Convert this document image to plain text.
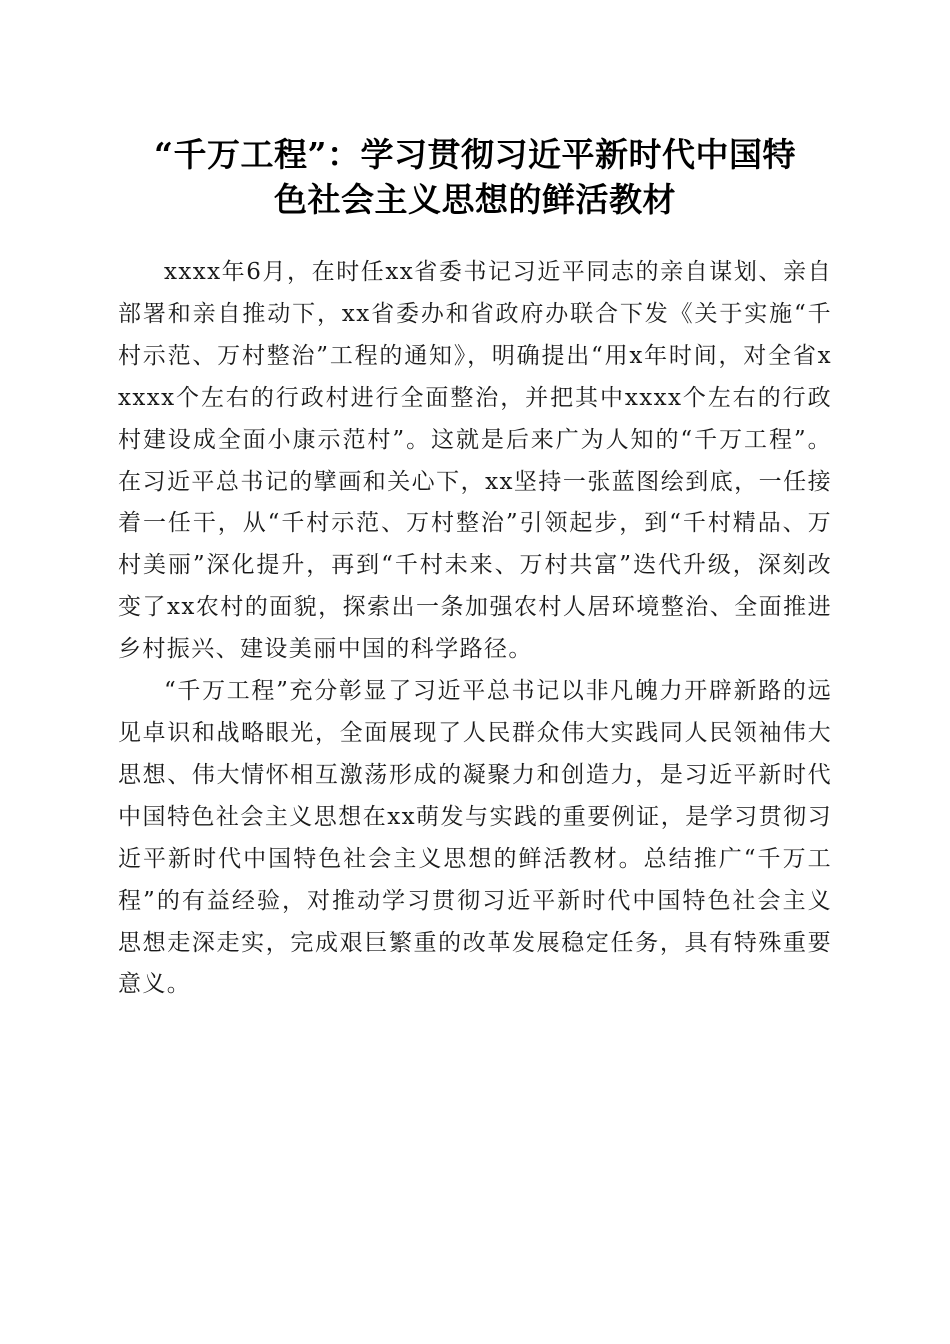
“千万工程”：学习贯彻习近平新时代中国特
色社会主义思想的鲜活教材

xxxx年6月，在时任xx省委书记习近平同志的亲自谋划、亲自部署和亲自推动下，xx省委办和省政府办联合下发《关于实施“千村示范、万村整治”工程的通知》，明确提出“用x年时间，对全省xxxxx个左右的行政村进行全面整治，并把其中xxxx个左右的行政村建设成全面小康示范村”。这就是后来广为人知的“千万工程”。在习近平总书记的擘画和关心下，xx坚持一张蓝图绘到底，一任接着一任干，从“千村示范、万村整治”引领起步，到“千村精品、万村美丽”深化提升，再到“千村未来、万村共富”迭代升级，深刻改变了xx农村的面貌，探索出一条加强农村人居环境整治、全面推进乡村振兴、建设美丽中国的科学路径。

“千万工程”充分彰显了习近平总书记以非凡魄力开辟新路的远见卓识和战略眼光，全面展现了人民群众伟大实践同人民领袖伟大思想、伟大情怀相互激荡形成的凝聚力和创造力，是习近平新时代中国特色社会主义思想在xx萌发与实践的重要例证，是学习贯彻习近平新时代中国特色社会主义思想的鲜活教材。总结推广“千万工程”的有益经验，对推动学习贯彻习近平新时代中国特色社会主义思想走深走实，完成艰巨繁重的改革发展稳定任务，具有特殊重要意义。
